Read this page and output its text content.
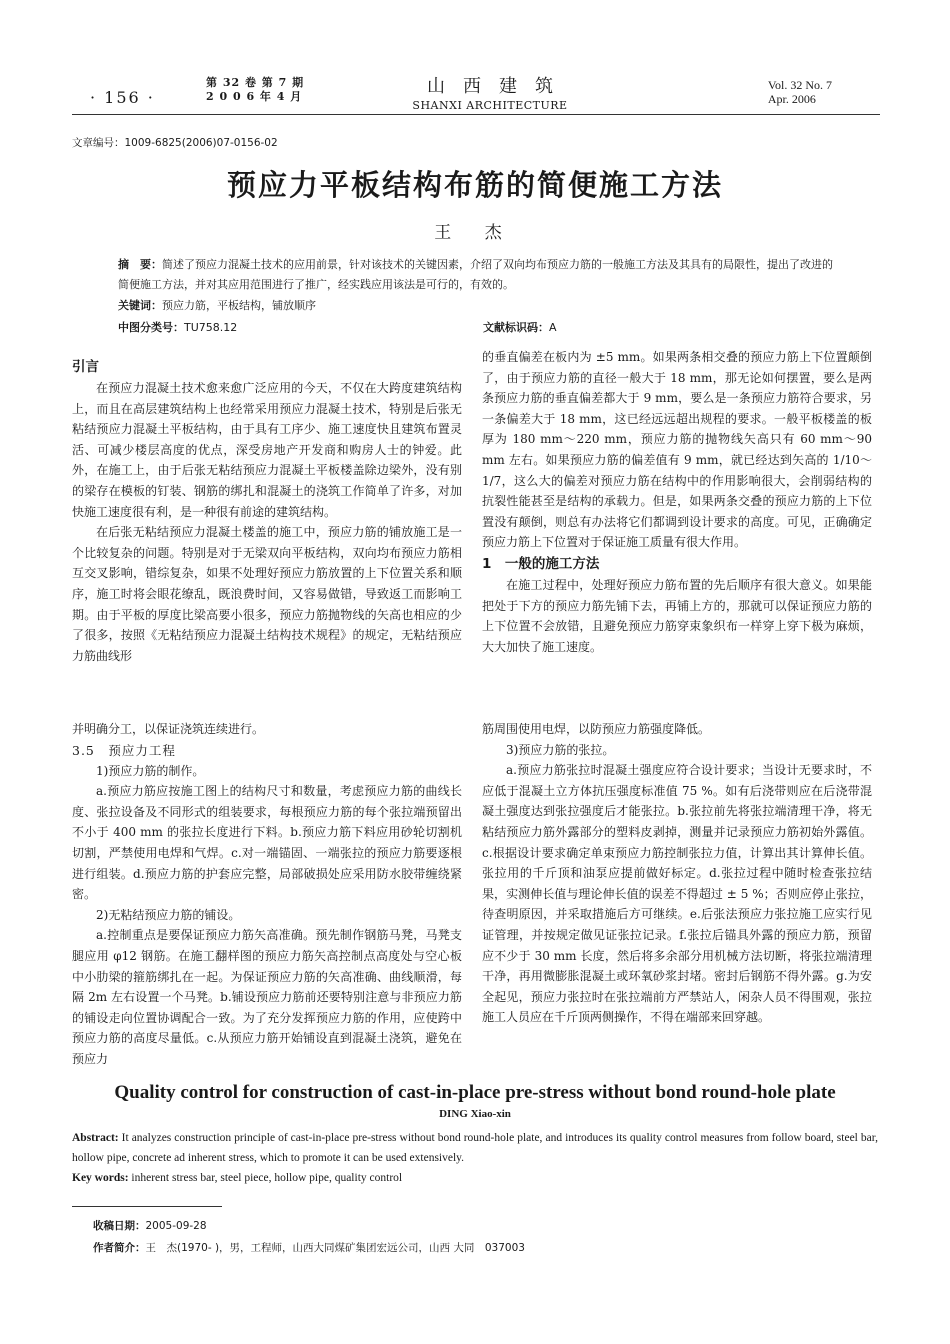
· 156 ·
第 32 卷 第 7 期
2 0 0 6 年 4 月	山西建筑
SHANXI ARCHITECTURE
Vol. 32 No. 7
Apr. 2006
文章编号：1009-6825(2006)07-0156-02
预应力平板结构布筋的简便施工方法
王 杰
摘　要：简述了预应力混凝土技术的应用前景，针对该技术的关键因素，介绍了双向均布预应力筋的一般施工方法及其具有的局限性，提出了改进的简便施工方法，并对其应用范围进行了推广，经实践应用该法是可行的，有效的。
关键词：预应力筋，平板结构，铺放顺序
中图分类号：TU758.12	文献标识码：A
引言

在预应力混凝土技术愈来愈广泛应用的今天，不仅在大跨度建筑结构上，而且在高层建筑结构上也经常采用预应力混凝土技术，特别是后张无粘结预应力混凝土平板结构，由于具有工序少、施工速度快且建筑布置灵活、可减少楼层高度的优点，深受房地产开发商和购房人士的钟爱。此外，在施工上，由于后张无粘结预应力混凝土平板楼盖除边梁外，没有别的梁存在模板的钉装、钢筋的绑扎和混凝土的浇筑工作简单了许多，对加快施工速度很有利，是一种很有前途的建筑结构。

在后张无粘结预应力混凝土楼盖的施工中，预应力筋的铺放施工是一个比较复杂的问题。特别是对于无梁双向平板结构，双向均布预应力筋相互交叉影响，错综复杂，如果不处理好预应力筋放置的上下位置关系和顺序，施工时将会眼花缭乱，既浪费时间，又容易做错，导致返工而影响工期。由于平板的厚度比梁高要小很多，预应力筋抛物线的矢高也相应的少了很多，按照《无粘结预应力混凝土结构技术规程》的规定，无粘结预应力筋曲线形

的垂直偏差在板内为 ±5 mm。如果两条相交叠的预应力筋上下位置颠倒了，由于预应力筋的直径一般大于 18 mm，那无论如何摆置，要么是两条预应力筋的垂直偏差都大于 9 mm，要么是一条预应力筋符合要求，另一条偏差大于 18 mm，这已经远远超出规程的要求。一般平板楼盖的板厚为 180 mm～220 mm，预应力筋的抛物线矢高只有 60 mm～90 mm 左右。如果预应力筋的偏差值有 9 mm，就已经达到矢高的 1/10～1/7，这么大的偏差对预应力筋在结构中的作用影响很大，会削弱结构的抗裂性能甚至是结构的承载力。但是，如果两条交叠的预应力筋的上下位置没有颠倒，则总有办法将它们都调到设计要求的高度。可见，正确确定预应力筋上下位置对于保证施工质量有很大作用。

1　一般的施工方法

在施工过程中，处理好预应力筋布置的先后顺序有很大意义。如果能把处于下方的预应力筋先铺下去，再铺上方的，那就可以保证预应力筋的上下位置不会放错，且避免预应力筋穿束象织布一样穿上穿下极为麻烦，大大加快了施工速度。

并明确分工，以保证浇筑连续进行。

3.5　预应力工程

1)预应力筋的制作。

a.预应力筋应按施工图上的结构尺寸和数量，考虑预应力筋的曲线长度、张拉设备及不同形式的组装要求，每根预应力筋的每个张拉端预留出不小于 400 mm 的张拉长度进行下料。b.预应力筋下料应用砂轮切割机切割，严禁使用电焊和气焊。c.对一端锚固、一端张拉的预应力筋要逐根进行组装。d.预应力筋的护套应完整，局部破损处应采用防水胶带缠绕紧密。

2)无粘结预应力筋的铺设。

a.控制重点是要保证预应力筋矢高准确。预先制作钢筋马凳，马凳支腿应用 φ12 钢筋。在施工翻样图的预应力筋矢高控制点高度处与空心板中小肋梁的箍筋绑扎在一起。为保证预应力筋的矢高准确、曲线顺滑，每隔 2m 左右设置一个马凳。b.铺设预应力筋前还要特别注意与非预应力筋的铺设走向位置协调配合一致。为了充分发挥预应力筋的作用，应使跨中预应力筋的高度尽量低。c.从预应力筋开始铺设直到混凝土浇筑，避免在预应力

筋周围使用电焊，以防预应力筋强度降低。

3)预应力筋的张拉。

a.预应力筋张拉时混凝土强度应符合设计要求；当设计无要求时，不应低于混凝土立方体抗压强度标准值 75 %。如有后浇带则应在后浇带混凝土强度达到张拉强度后才能张拉。b.张拉前先将张拉端清理干净，将无粘结预应力筋外露部分的塑料皮剥掉，测量并记录预应力筋初始外露值。c.根据设计要求确定单束预应力筋控制张拉力值，计算出其计算伸长值。张拉用的千斤顶和油泵应提前做好标定。d.张拉过程中随时检查张拉结果，实测伸长值与理论伸长值的误差不得超过 ± 5 %；否则应停止张拉，待查明原因，并采取措施后方可继续。e.后张法预应力张拉施工应实行见证管理，并按规定做见证张拉记录。f.张拉后锚具外露的预应力筋，预留应不少于 30 mm 长度，然后将多余部分用机械方法切断，将张拉端清理干净，再用微膨胀混凝土或环氧砂浆封堵。密封后钢筋不得外露。g.为安全起见，预应力张拉时在张拉端前方严禁站人，闲杂人员不得围观，张拉施工人员应在千斤顶两侧操作，不得在端部来回穿越。

Quality control for construction of cast-in-place pre-stress without bond round-hole plate
DING Xiao-xin
Abstract: It analyzes construction principle of cast-in-place pre-stress without bond round-hole plate, and introduces its quality control measures from follow board, steel bar, hollow pipe, concrete ad inherent stress, which to promote it can be used extensively.
Key words: inherent stress bar, steel piece, hollow pipe, quality control
收稿日期：2005-09-28
作者简介：王　杰(1970- )，男，工程师，山西大同煤矿集团宏远公司，山西 大同　037003
